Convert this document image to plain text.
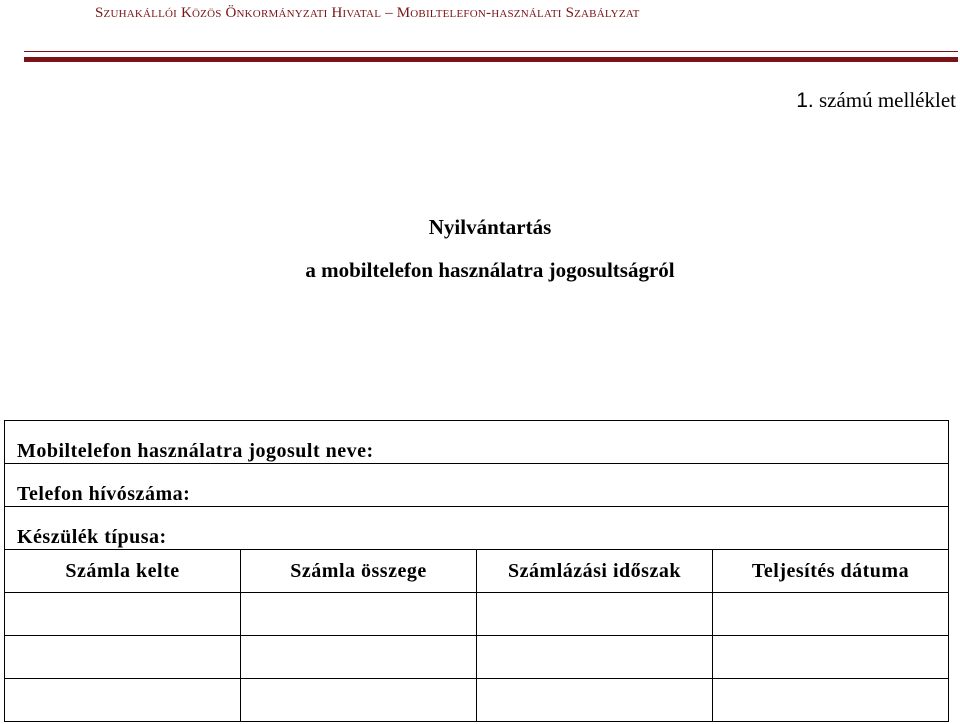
Szuhakállói Közös Önkormányzati Hivatal – Mobiltelefon-használati Szabályzat
1. számú melléklet
Nyilvántartás
a mobiltelefon használatra jogosultságról
Mobiltelefon használatra jogosult neve:			
Telefon hívószáma:			
Készülék típusa:			
Számla kelte	Számla összege	Számlázási időszak	Teljesítés dátuma
